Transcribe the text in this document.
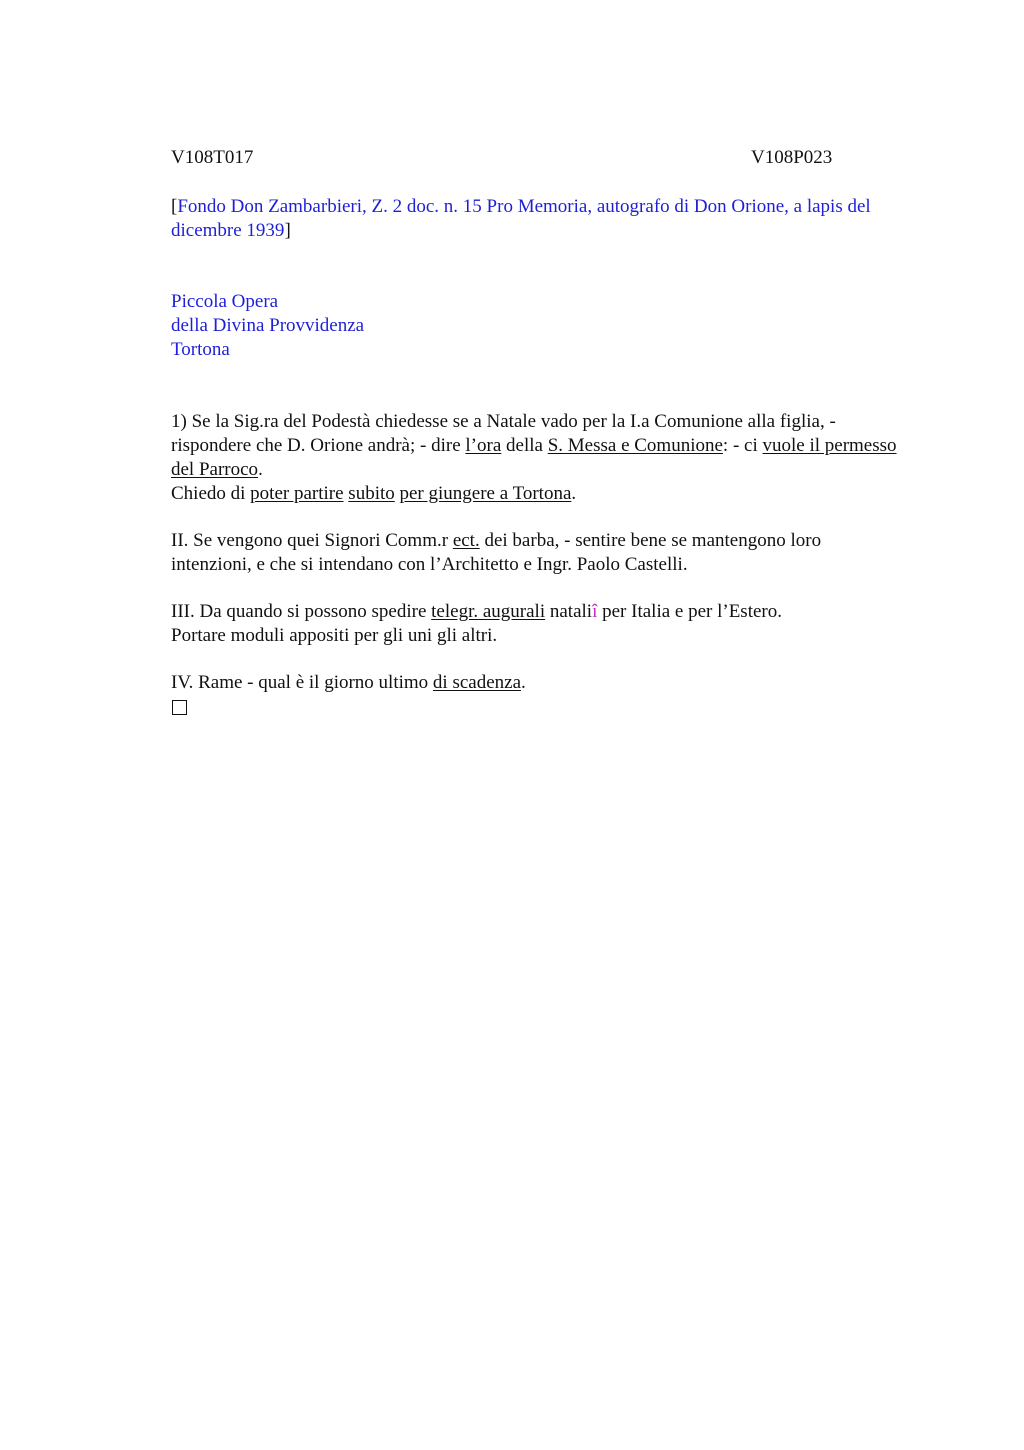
V108T017	V108P023

[Fondo Don Zambarbieri, Z. 2 doc. n. 15 Pro Memoria, autografo di Don Orione, a lapis del dicembre 1939]

Piccola Opera

della Divina Provvidenza

Tortona

1) Se la Sig.ra del Podestà chiedesse se a Natale vado per la I.a Comunione alla figlia, - rispondere che D. Orione andrà; - dire l’ora della S. Messa e Comunione: - ci vuole il permesso del Parroco.

Chiedo di poter partire subito per giungere a Tortona.

II. Se vengono quei Signori Comm.r ect. dei barba, - sentire bene se mantengono loro intenzioni, e che si intendano con l’Architetto e Ingr. Paolo Castelli.

III. Da quando si possono spedire telegr. augurali nataliî per Italia e per l’Estero.

Portare moduli appositi per gli uni gli altri.

IV. Rame - qual è il giorno ultimo di scadenza.
